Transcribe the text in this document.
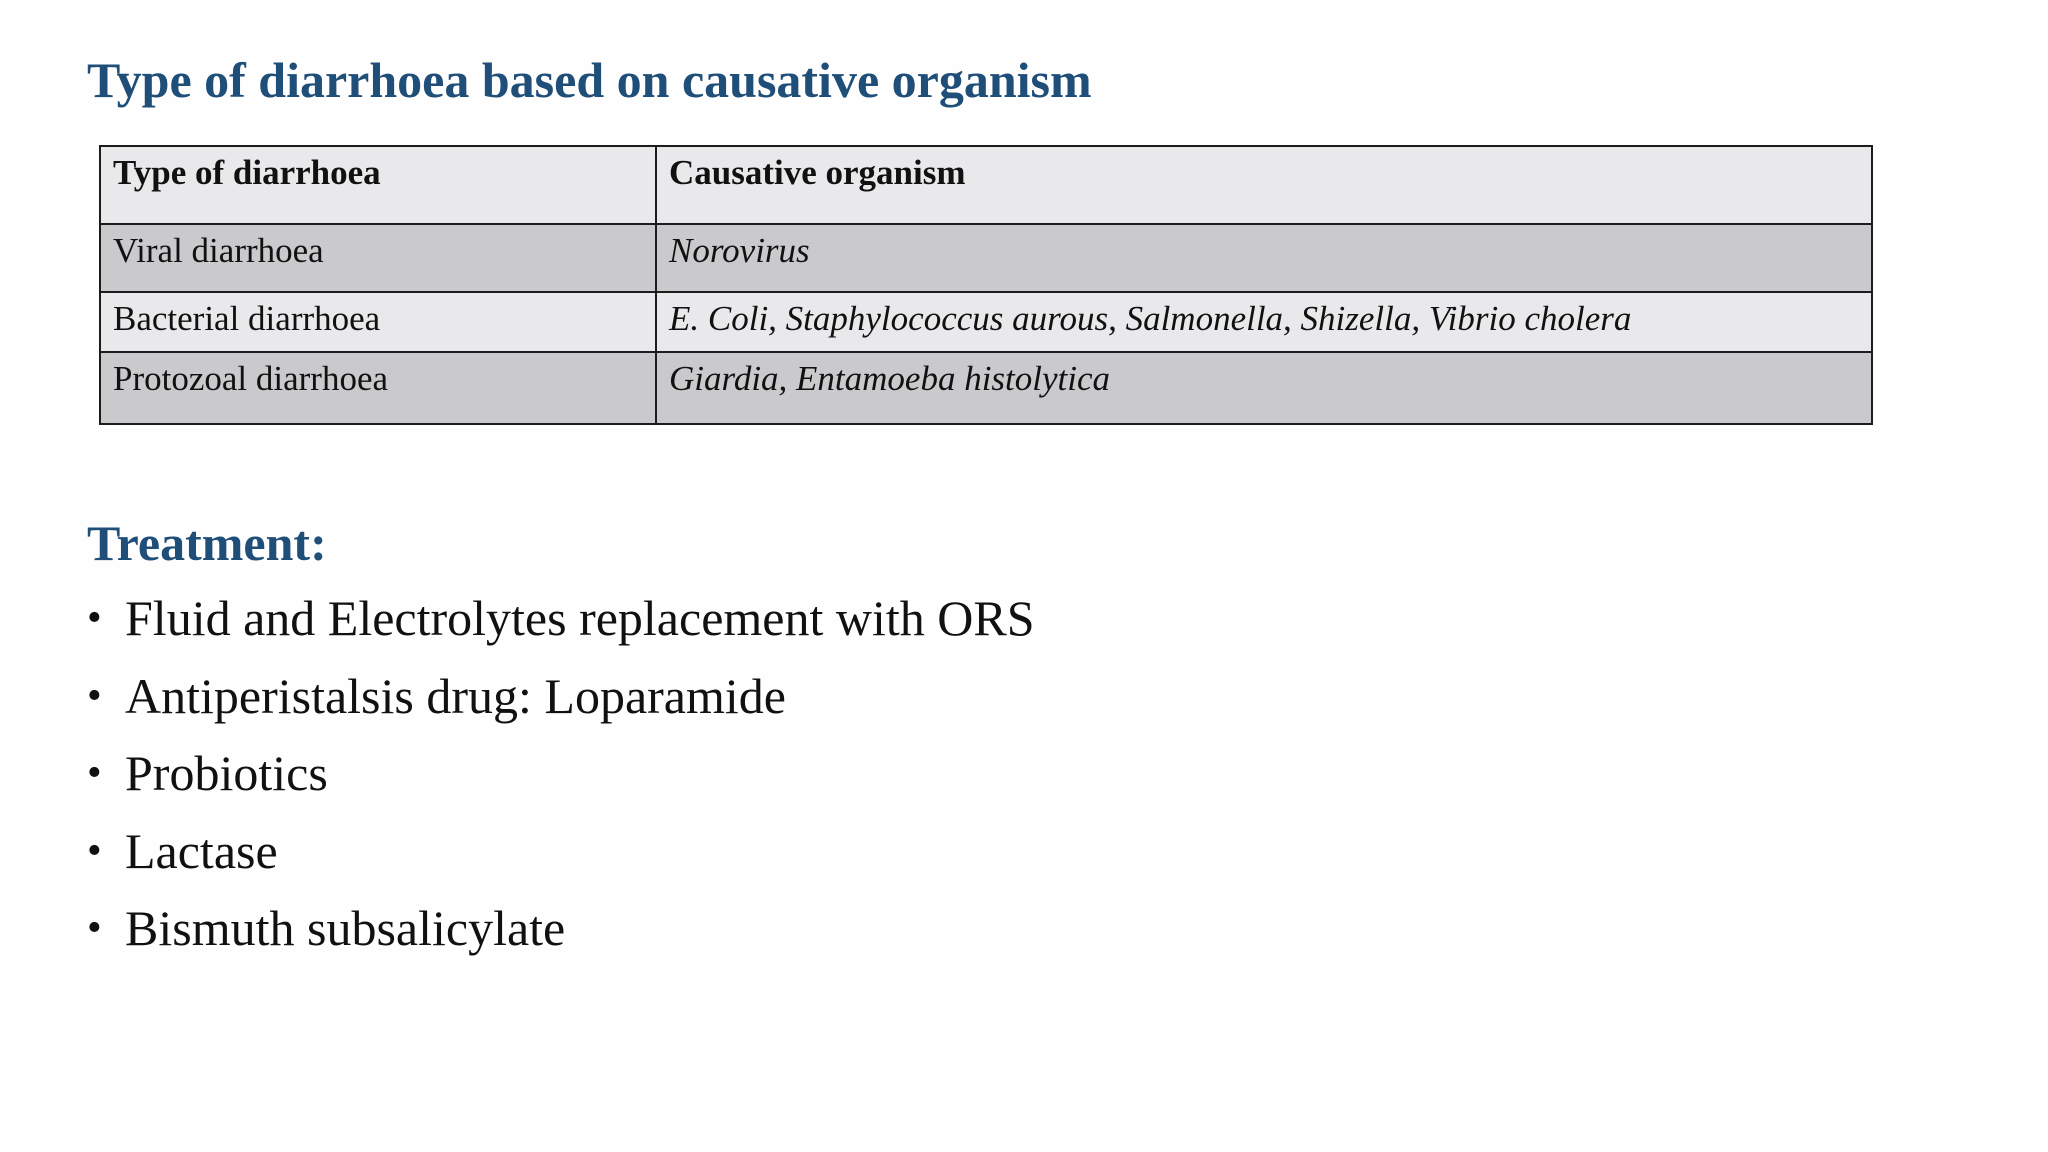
Type of diarrhoea based on causative organism
Type of diarrhoea	Causative organism
Viral diarrhoea	Norovirus
Bacterial diarrhoea	E. Coli, Staphylococcus aurous, Salmonella, Shizella, Vibrio cholera
Protozoal diarrhoea	Giardia, Entamoeba histolytica
Treatment:
• Fluid and Electrolytes replacement with ORS
• Antiperistalsis drug: Loparamide
• Probiotics
• Lactase
• Bismuth subsalicylate
